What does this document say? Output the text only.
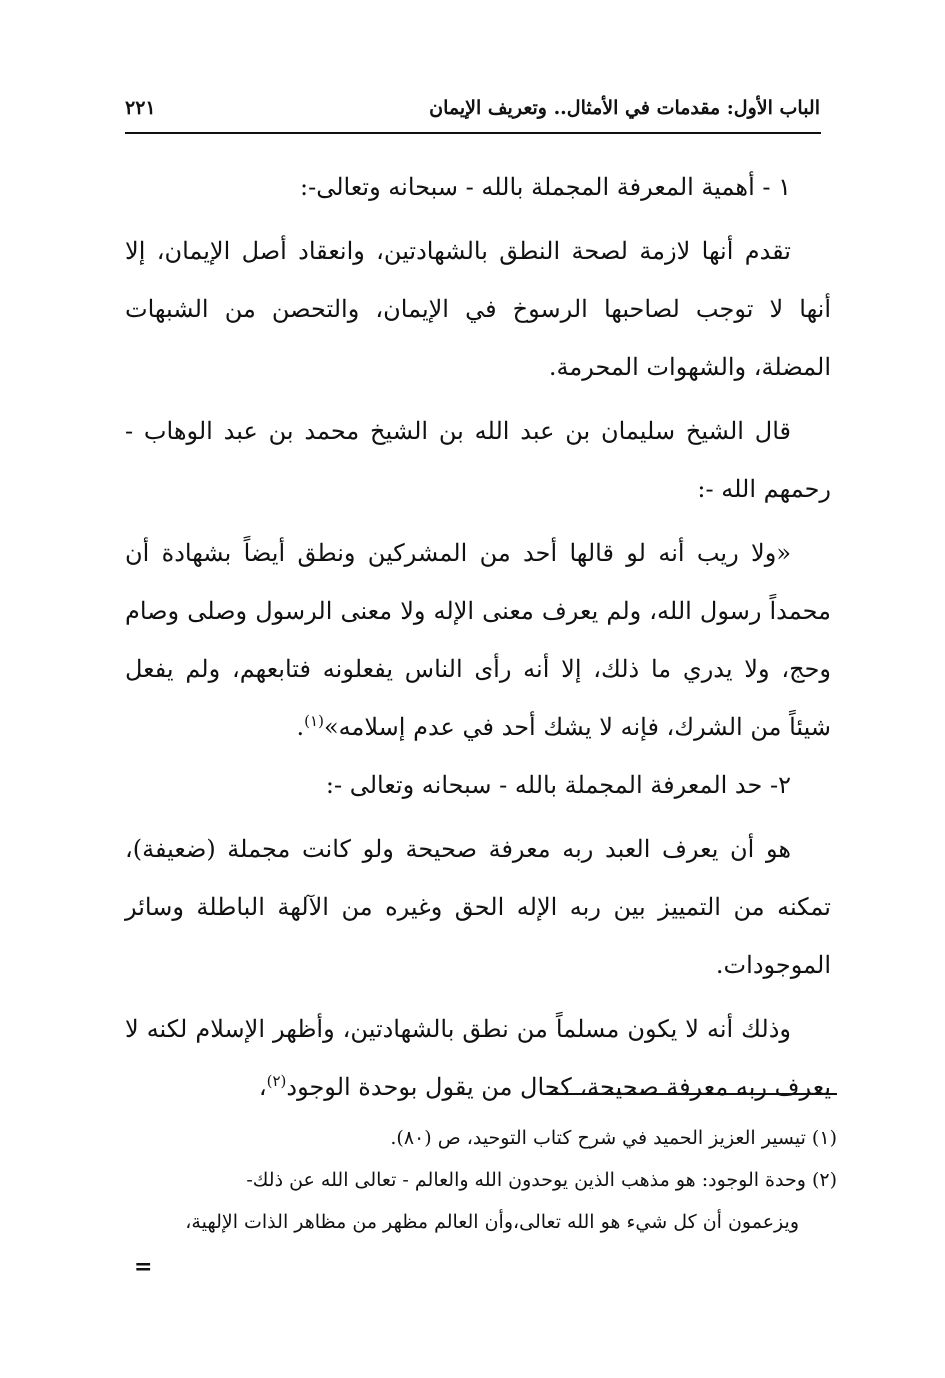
الباب الأول: مقدمات في الأمثال.. وتعريف الإيمان
٢٢١

١ - أهمية المعرفة المجملة بالله - سبحانه وتعالى-:

تقدم أنها لازمة لصحة النطق بالشهادتين، وانعقاد أصل الإيمان، إلا أنها لا توجب لصاحبها الرسوخ في الإيمان، والتحصن من الشبهات المضلة، والشهوات المحرمة.

قال الشيخ سليمان بن عبد الله بن الشيخ محمد بن عبد الوهاب - رحمهم الله -:

«ولا ريب أنه لو قالها أحد من المشركين ونطق أيضاً بشهادة أن محمداً رسول الله، ولم يعرف معنى الإله ولا معنى الرسول وصلى وصام وحج، ولا يدري ما ذلك، إلا أنه رأى الناس يفعلونه فتابعهم، ولم يفعل شيئاً من الشرك، فإنه لا يشك أحد في عدم إسلامه»$^{(١)}$.

٢- حد المعرفة المجملة بالله - سبحانه وتعالى -:

هو أن يعرف العبد ربه معرفة صحيحة ولو كانت مجملة (ضعيفة)، تمكنه من التمييز بين ربه الإله الحق وغيره من الآلهة الباطلة وسائر الموجودات.

وذلك أنه لا يكون مسلماً من نطق بالشهادتين، وأظهر الإسلام لكنه لا يعرف ربه معرفة صحيحة، كحال من يقول بوحدة الوجود$^{(٢)}$،

(١) تيسير العزيز الحميد في شرح كتاب التوحيد، ص (٨٠).

(٢) وحدة الوجود: هو مذهب الذين يوحدون الله والعالم - تعالى الله عن ذلك-

ويزعمون أن كل شيء هو الله تعالى،وأن العالم مظهر من مظاهر الذات الإلهية،

=
